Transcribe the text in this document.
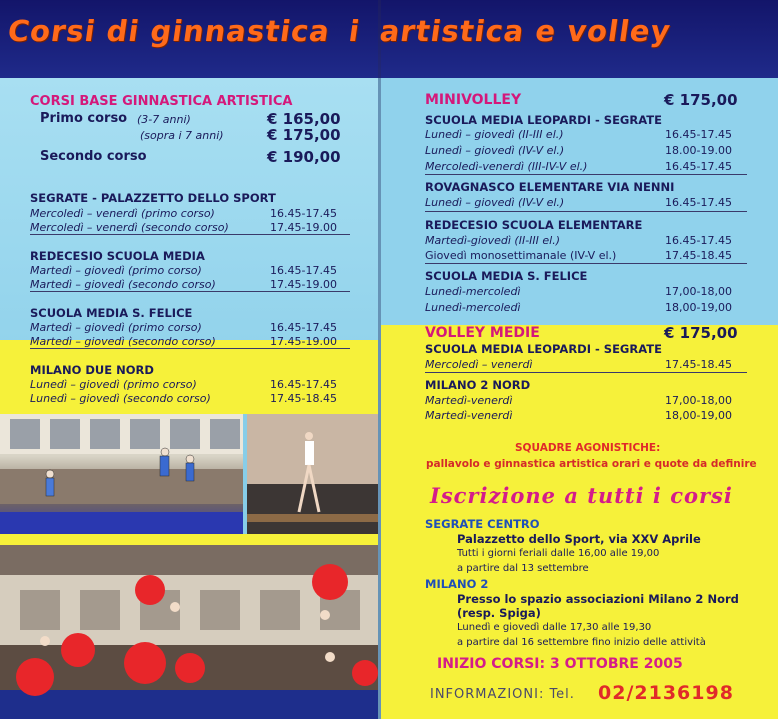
Corsi di ginnastica i artistica e volley
CORSI BASE GINNASTICA ARTISTICA
Primo corso (3-7 anni)	€ 165,00
(sopra i 7 anni)	€ 175,00
Secondo corso	€ 190,00
SEGRATE - PALAZZETTO DELLO SPORT
Mercoledì – venerdì (primo corso)	16.45-17.45
Mercoledì – venerdì (secondo corso)	17.45-19.00
REDECESIO SCUOLA MEDIA
Martedì – giovedì (primo corso)	16.45-17.45
Martedì – giovedì (secondo corso)	17.45-19.00
SCUOLA MEDIA S. FELICE
Martedì – giovedì (primo corso)	16.45-17.45
Martedì – giovedì (secondo corso)	17.45-19.00
MILANO DUE NORD
Lunedì – giovedì (primo corso)	16.45-17.45
Lunedì – giovedì (secondo corso)	17.45-18.45
MINIVOLLEY	€ 175,00
SCUOLA MEDIA LEOPARDI - SEGRATE
Lunedì – giovedì (II-III el.)	16.45-17.45
Lunedì – giovedì (IV-V el.)	18.00-19.00
Mercoledì-venerdì (III-IV-V el.)	16.45-17.45
ROVAGNASCO ELEMENTARE VIA NENNI
Lunedì – giovedì (IV-V el.)	16.45-17.45
REDECESIO SCUOLA ELEMENTARE
Martedì-giovedì (II-III el.)	16.45-17.45
Giovedì monosettimanale (IV-V el.)	17.45-18.45
SCUOLA MEDIA S. FELICE
Lunedì-mercoledì	17,00-18,00
Lunedì-mercoledì	18,00-19,00
VOLLEY MEDIE	€ 175,00
SCUOLA MEDIA LEOPARDI - SEGRATE
Mercoledì – venerdì	17.45-18.45
MILANO 2 NORD
Martedì-venerdì	17,00-18,00
Martedì-venerdì	18,00-19,00
SQUADRE AGONISTICHE:
pallavolo e ginnastica artistica orari e quote da definire
Iscrizione a tutti i corsi
SEGRATE CENTRO
Palazzetto dello Sport, via XXV Aprile
Tutti i giorni feriali dalle 16,00 alle 19,00
a partire dal 13 settembre
MILANO 2
Presso lo spazio associazioni Milano 2 Nord
(resp. Spiga)
Lunedì e giovedì dalle 17,30 alle 19,30
a partire dal 16 settembre fino inizio delle attività
INIZIO CORSI: 3 OTTOBRE 2005
INFORMAZIONI: Tel. 02/2136198
